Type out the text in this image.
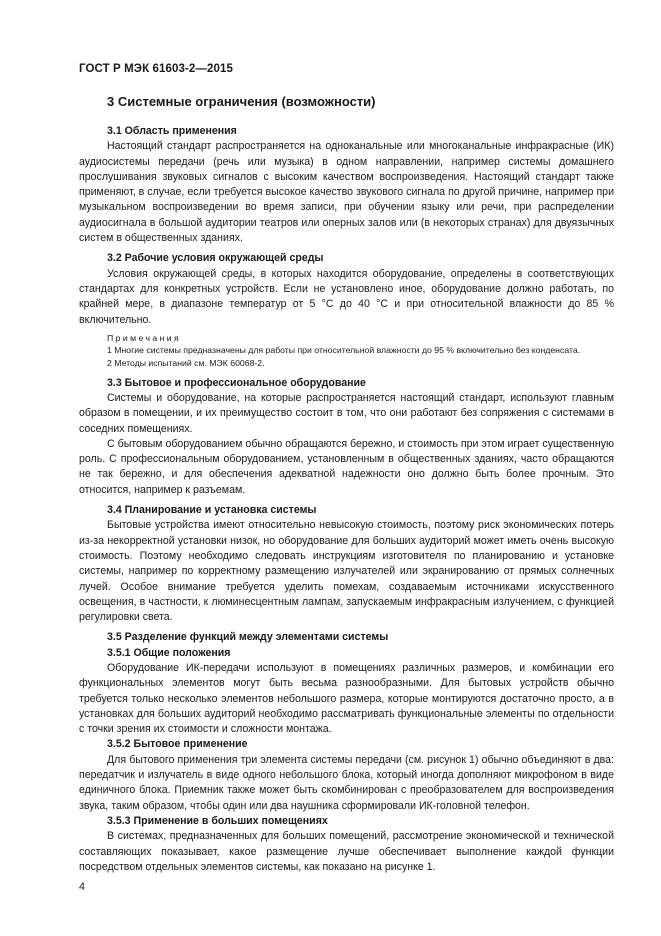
ГОСТ Р МЭК 61603-2—2015
3 Системные ограничения (возможности)
3.1 Область применения

Настоящий стандарт распространяется на одноканальные или многоканальные инфракрасные (ИК) аудиосистемы передачи (речь или музыка) в одном направлении, например системы домашнего прослушивания звуковых сигналов с высоким качеством воспроизведения. Настоящий стандарт также применяют, в случае, если требуется высокое качество звукового сигнала по другой причине, например при музыкальном воспроизведении во время записи, при обучении языку или речи, при распределении аудиосигнала в большой аудитории театров или оперных залов или (в некоторых странах) для двуязычных систем в общественных зданиях.

3.2 Рабочие условия окружающей среды

Условия окружающей среды, в которых находится оборудование, определены в соответствующих стандартах для конкретных устройств. Если не установлено иное, оборудование должно работать, по крайней мере, в диапазоне температур от 5 °С до 40 °С и при относительной влажности до 85 % включительно.

Примечания
1 Многие системы предназначены для работы при относительной влажности до 95 % включительно без конденсата.
2 Методы испытаний см. МЭК 60068-2.
3.3 Бытовое и профессиональное оборудование

Системы и оборудование, на которые распространяется настоящий стандарт, используют главным образом в помещении, и их преимущество состоит в том, что они работают без сопряжения с системами в соседних помещениях.

С бытовым оборудованием обычно обращаются бережно, и стоимость при этом играет существенную роль. С профессиональным оборудованием, установленным в общественных зданиях, часто обращаются не так бережно, и для обеспечения адекватной надежности оно должно быть более прочным. Это относится, например к разъемам.

3.4 Планирование и установка системы

Бытовые устройства имеют относительно невысокую стоимость, поэтому риск экономических потерь из-за некорректной установки низок, но оборудование для больших аудиторий может иметь очень высокую стоимость. Поэтому необходимо следовать инструкциям изготовителя по планированию и установке системы, например по корректному размещению излучателей или экранированию от прямых солнечных лучей. Особое внимание требуется уделить помехам, создаваемым источниками искусственного освещения, в частности, к люминесцентным лампам, запускаемым инфракрасным излучением, с функцией регулировки света.

3.5 Разделение функций между элементами системы
3.5.1 Общие положения

Оборудование ИК-передачи используют в помещениях различных размеров, и комбинации его функциональных элементов могут быть весьма разнообразными. Для бытовых устройств обычно требуется только несколько элементов небольшого размера, которые монтируются достаточно просто, а в установках для больших аудиторий необходимо рассматривать функциональные элементы по отдельности с точки зрения их стоимости и сложности монтажа.

3.5.2 Бытовое применение

Для бытового применения три элемента системы передачи (см. рисунок 1) обычно объединяют в два: передатчик и излучатель в виде одного небольшого блока, который иногда дополняют микрофоном в виде единичного блока. Приемник также может быть скомбинирован с преобразователем для воспроизведения звука, таким образом, чтобы один или два наушника сформировали ИК-головной телефон.

3.5.3 Применение в больших помещениях

В системах, предназначенных для больших помещений, рассмотрение экономической и технической составляющих показывает, какое размещение лучше обеспечивает выполнение каждой функции посредством отдельных элементов системы, как показано на рисунке 1.

4
